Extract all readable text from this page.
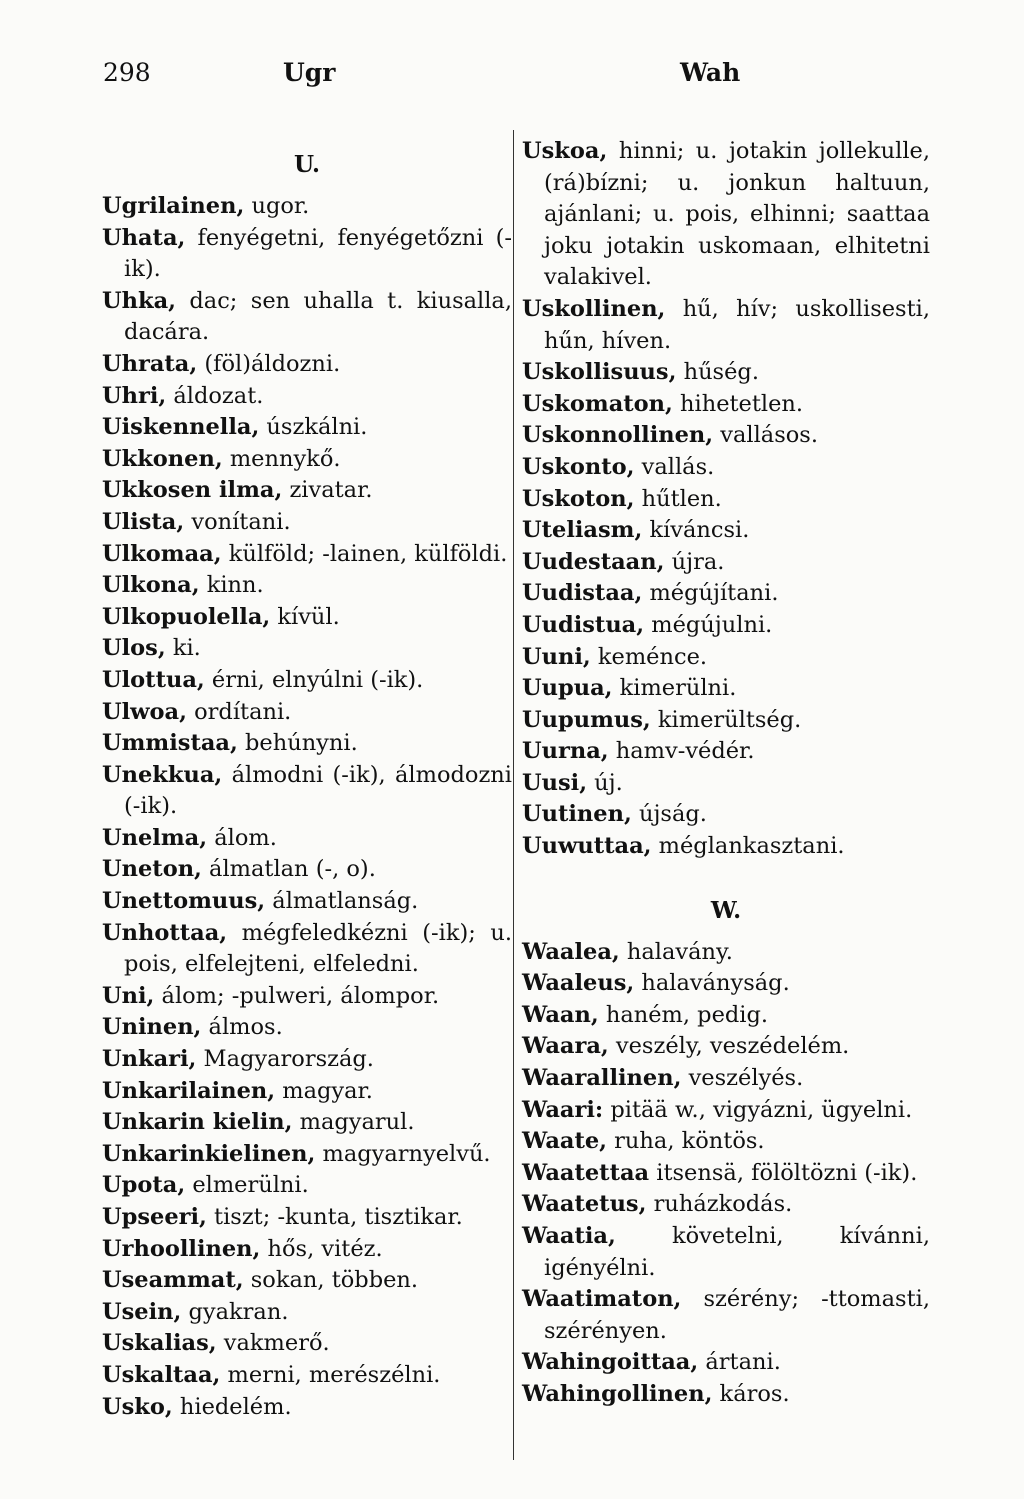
298	Ugr	Wah
U.
Ugrilainen, ugor.
Uhata, fenyégetni, fenyégetőzni (-ik).
Uhka, dac; sen uhalla t. kiusalla, dacára.
Uhrata, (föl)áldozni.
Uhri, áldozat.
Uiskennella, úszkálni.
Ukkonen, mennykő.
Ukkosen ilma, zivatar.
Ulista, vonítani.
Ulkomaa, külföld; -lainen, külföldi.
Ulkona, kinn.
Ulkopuolella, kívül.
Ulos, ki.
Ulottua, érni, elnyúlni (-ik).
Ulwoa, ordítani.
Ummistaa, behúnyni.
Unekkua, álmodni (-ik), álmodozni (-ik).
Unelma, álom.
Uneton, álmatlan (-, o).
Unettomuus, álmatlanság.
Unhottaa, mégfeledkézni (-ik); u. pois, elfelejteni, elfeledni.
Uni, álom; -pulweri, álompor.
Uninen, álmos.
Unkari, Magyarország.
Unkarilainen, magyar.
Unkarin kielin, magyarul.
Unkarinkielinen, magyarnyelvű.
Upota, elmerülni.
Upseeri, tiszt; -kunta, tisztikar.
Urhoollinen, hős, vitéz.
Useammat, sokan, többen.
Usein, gyakran.
Uskalias, vakmerő.
Uskaltaa, merni, merészélni.
Usko, hiedelém.
Uskoa, hinni; u. jotakin jollekulle, (rá)bízni; u. jonkun haltuun, ajánlani; u. pois, elhinni; saattaa joku jotakin uskomaan, elhitetni valakivel.
Uskollinen, hű, hív; uskollisesti, hűn, híven.
Uskollisuus, hűség.
Uskomaton, hihetetlen.
Uskonnollinen, vallásos.
Uskonto, vallás.
Uskoton, hűtlen.
Uteliasm, kíváncsi.
Uudestaan, újra.
Uudistaa, mégújítani.
Uudistua, mégújulni.
Uuni, keménce.
Uupua, kimerülni.
Uupumus, kimerültség.
Uurna, hamv-védér.
Uusi, új.
Uutinen, újság.
Uuwuttaa, méglankasztani.
W.
Waalea, halavány.
Waaleus, halaványság.
Waan, haném, pedig.
Waara, veszély, veszédelém.
Waarallinen, veszélyés.
Waari: pitää w., vigyázni, ügyelni.
Waate, ruha, köntös.
Waatettaa itsensä, fölöltözni (-ik).
Waatetus, ruházkodás.
Waatia, követelni, kívánni, igényélni.
Waatimaton, szérény; -ttomasti, szérényen.
Wahingoittaa, ártani.
Wahingollinen, káros.
